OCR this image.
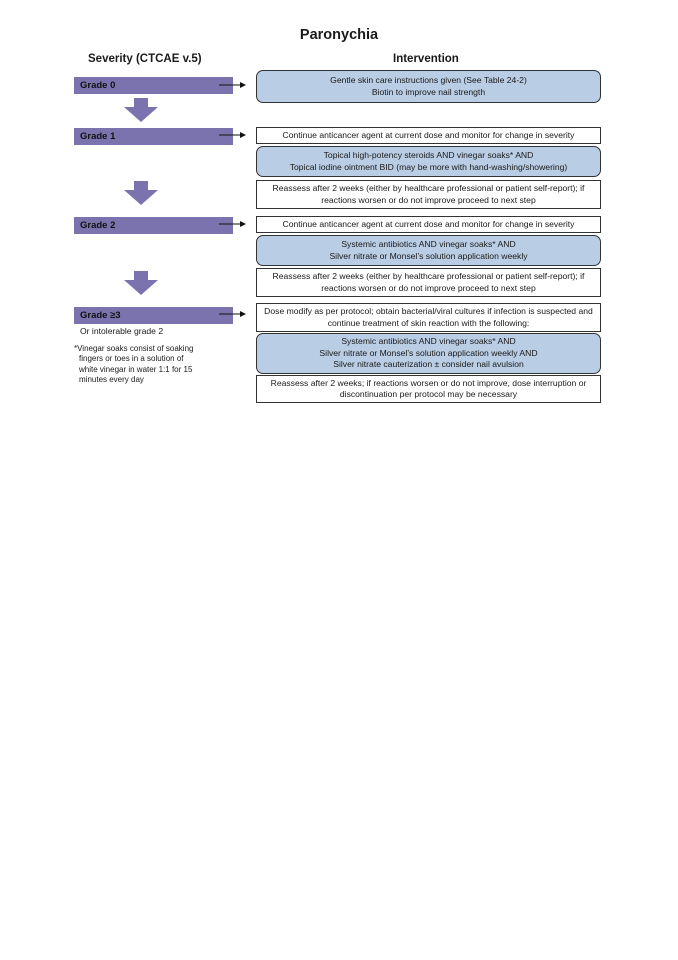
Paronychia
Severity (CTCAE v.5)	Intervention
Grade 0
Grade 1
Grade 2
Grade ≥3
Or intolerable grade 2
*Vinegar soaks consist of soaking
fingers or toes in a solution of
white vinegar in water 1:1 for 15
minutes every day
Gentle skin care instructions given (See Table 24-2)
Biotin to improve nail strength
Continue anticancer agent at current dose and monitor for change in severity
Topical high-potency steroids AND vinegar soaks* AND
Topical iodine ointment BID (may be more with hand-washing/showering)
Reassess after 2 weeks (either by healthcare professional or patient self-report); if
reactions worsen or do not improve proceed to next step
Continue anticancer agent at current dose and monitor for change in severity
Systemic antibiotics AND vinegar soaks* AND
Silver nitrate or Monsel’s solution application weekly
Reassess after 2 weeks (either by healthcare professional or patient self-report); if
reactions worsen or do not improve proceed to next step
Dose modify as per protocol; obtain bacterial/viral cultures if infection is suspected and
continue treatment of skin reaction with the following:
Systemic antibiotics AND vinegar soaks* AND
Silver nitrate or Monsel’s solution application weekly AND
Silver nitrate cauterization ± consider nail avulsion
Reassess after 2 weeks; if reactions worsen or do not improve, dose interruption or
discontinuation per protocol may be necessary
